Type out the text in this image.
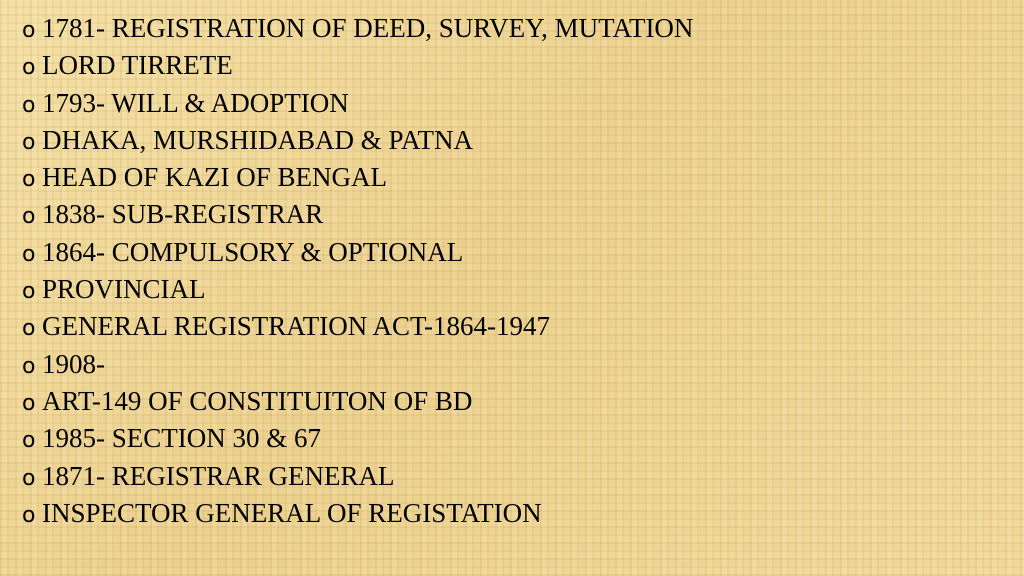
o 1781- REGISTRATION OF DEED, SURVEY, MUTATION
o LORD TIRRETE
o 1793- WILL & ADOPTION
o DHAKA, MURSHIDABAD & PATNA
o HEAD OF KAZI OF BENGAL
o 1838- SUB-REGISTRAR
o 1864- COMPULSORY & OPTIONAL
o PROVINCIAL
o GENERAL REGISTRATION ACT-1864-1947
o 1908-
o ART-149 OF CONSTITUITON OF BD
o 1985- SECTION 30 & 67
o 1871- REGISTRAR GENERAL
o INSPECTOR GENERAL OF REGISTATION
